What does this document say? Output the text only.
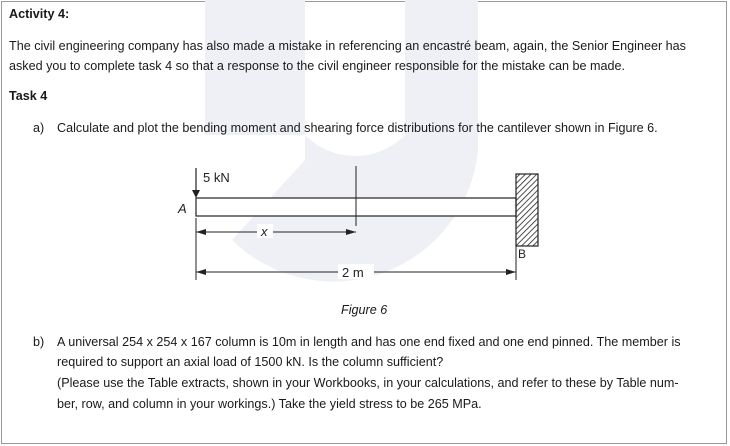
Activity 4:
The civil engineering company has also made a mistake in referencing an encastré beam, again, the Senior Engineer has
asked you to complete task 4 so that a response to the civil engineer responsible for the mistake can be made.
Task 4
a) Calculate and plot the bending moment and shearing force distributions for the cantilever shown in Figure 6.
5 kN
A
B
x
2 m
Figure 6
b) A universal 254 x 254 x 167 column is 10m in length and has one end fixed and one end pinned. The member is
required to support an axial load of 1500 kN. Is the column sufficient?
(Please use the Table extracts, shown in your Workbooks, in your calculations, and refer to these by Table num-
ber, row, and column in your workings.) Take the yield stress to be 265 MPa.
